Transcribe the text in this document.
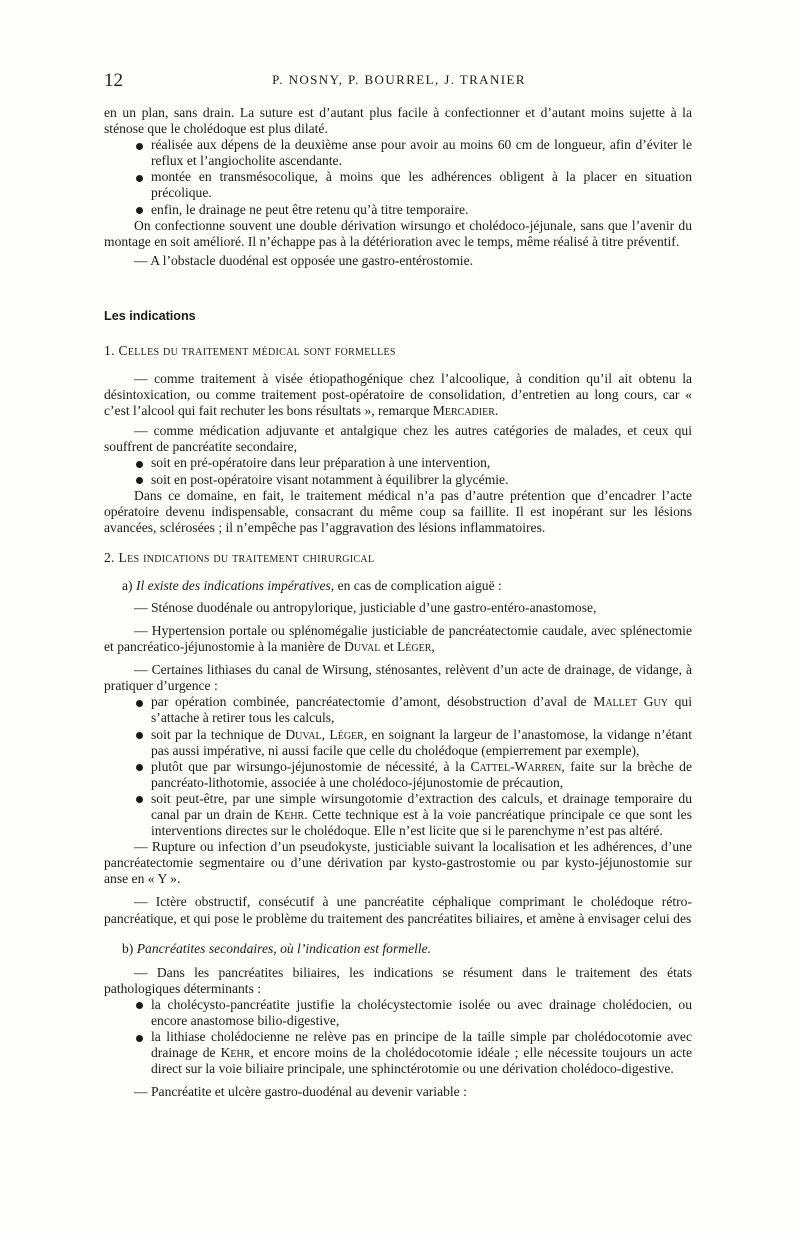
12	P. NOSNY, P. BOURREL, J. TRANIER

en un plan, sans drain. La suture est d’autant plus facile à confectionner et d’autant moins sujette à la sténose que le cholédoque est plus dilaté.

réalisée aux dépens de la deuxième anse pour avoir au moins 60 cm de longueur, afin d’éviter le reflux et l’angiocholite ascendante.

montée en transmésocolique, à moins que les adhérences obligent à la placer en situation précolique.

enfin, le drainage ne peut être retenu qu’à titre temporaire.

On confectionne souvent une double dérivation wirsungo et cholédoco-jéjunale, sans que l’avenir du montage en soit amélioré. Il n’échappe pas à la détérioration avec le temps, même réalisé à titre préventif.

— A l’obstacle duodénal est opposée une gastro-entérostomie.

Les indications

1. Celles du traitement médical sont formelles

— comme traitement à visée étiopathogénique chez l’alcoolique, à condition qu’il ait obtenu la désintoxication, ou comme traitement post-opératoire de consolidation, d’entretien au long cours, car « c’est l’alcool qui fait rechuter les bons résultats », remarque Mercadier.

— comme médication adjuvante et antalgique chez les autres catégories de malades, et ceux qui souffrent de pancréatite secondaire,

soit en pré-opératoire dans leur préparation à une intervention,

soit en post-opératoire visant notamment à équilibrer la glycémie.

Dans ce domaine, en fait, le traitement médical n’a pas d’autre prétention que d’encadrer l’acte opératoire devenu indispensable, consacrant du même coup sa faillite. Il est inopérant sur les lésions avancées, sclérosées ; il n’empêche pas l’aggravation des lésions inflammatoires.

2. Les indications du traitement chirurgical

a) Il existe des indications impératives, en cas de complication aiguë :

— Sténose duodénale ou antropylorique, justiciable d’une gastro-entéro-anastomose,

— Hypertension portale ou splénomégalie justiciable de pancréatectomie caudale, avec splénectomie et pancréatico-jéjunostomie à la manière de Duval et Léger,

— Certaines lithiases du canal de Wirsung, sténosantes, relèvent d’un acte de drainage, de vidange, à pratiquer d’urgence :

par opération combinée, pancréatectomie d’amont, désobstruction d’aval de Mallet Guy qui s’attache à retirer tous les calculs,

soit par la technique de Duval, Léger, en soignant la largeur de l’anastomose, la vidange n’étant pas aussi impérative, ni aussi facile que celle du cholédoque (empierrement par exemple),

plutôt que par wirsungo-jéjunostomie de nécessité, à la Cattel-Warren, faite sur la brèche de pancréato-lithotomie, associée à une cholédoco-jéjunostomie de précaution,

soit peut-être, par une simple wirsungotomie d’extraction des calculs, et drainage temporaire du canal par un drain de Kehr. Cette technique est à la voie pancréatique principale ce que sont les interventions directes sur le cholédoque. Elle n’est licite que si le parenchyme n’est pas altéré.

— Rupture ou infection d’un pseudokyste, justiciable suivant la localisation et les adhérences, d’une pancréatectomie segmentaire ou d’une dérivation par kysto-gastrostomie ou par kysto-jéjunostomie sur anse en « Y ».

— Ictère obstructif, consécutif à une pancréatite céphalique comprimant le cholédoque rétro-pancréatique, et qui pose le problème du traitement des pancréatites biliaires, et amène à envisager celui des

b) Pancréatites secondaires, où l’indication est formelle.

— Dans les pancréatites biliaires, les indications se résument dans le traitement des états pathologiques déterminants :

la cholécysto-pancréatite justifie la cholécystectomie isolée ou avec drainage cholédocien, ou encore anastomose bilio-digestive,

la lithiase cholédocienne ne relève pas en principe de la taille simple par cholédocotomie avec drainage de Kehr, et encore moins de la cholédocotomie idéale ; elle nécessite toujours un acte direct sur la voie biliaire principale, une sphinctérotomie ou une dérivation cholédoco-digestive.

— Pancréatite et ulcère gastro-duodénal au devenir variable :
